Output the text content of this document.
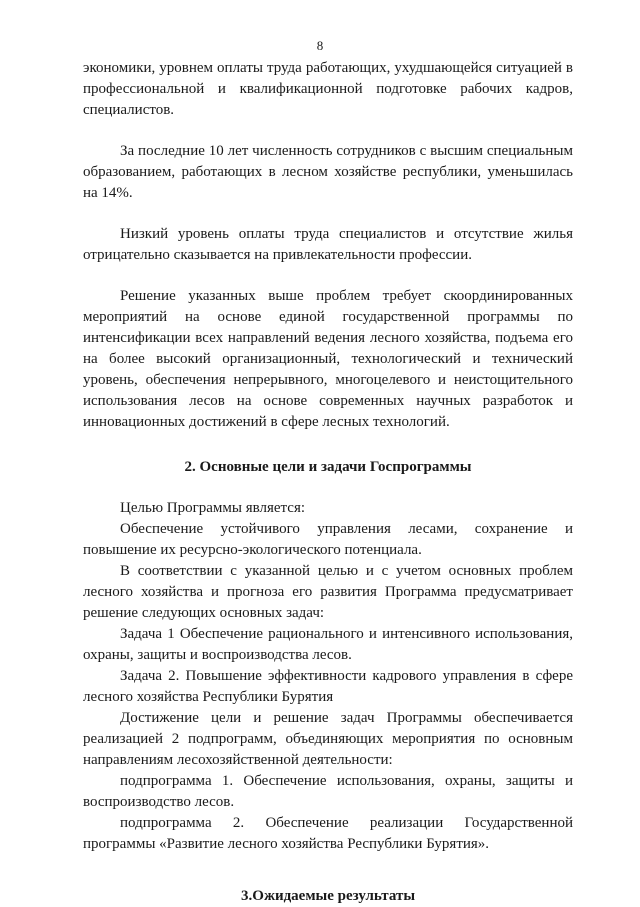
8

экономики, уровнем оплаты труда работающих, ухудшающейся ситуацией в профессиональной и квалификационной подготовке рабочих кадров, специалистов.

За последние 10 лет численность сотрудников с высшим специальным образованием, работающих в лесном хозяйстве республики, уменьшилась на 14%.

Низкий уровень оплаты труда специалистов и отсутствие жилья отрицательно сказывается на привлекательности профессии.

Решение указанных выше проблем требует скоординированных мероприятий на основе единой государственной программы по интенсификации всех направлений ведения лесного хозяйства, подъема его на более высокий организационный, технологический и технический уровень, обеспечения непрерывного, многоцелевого и неистощительного использования лесов на основе современных научных разработок и инновационных достижений в сфере лесных технологий.

2. Основные цели и задачи Госпрограммы

Целью Программы является:

Обеспечение устойчивого управления лесами, сохранение и повышение их ресурсно-экологического потенциала.

В соответствии с указанной целью и с учетом основных проблем лесного хозяйства и прогноза его развития Программа предусматривает решение следующих основных задач:

Задача 1 Обеспечение рационального и интенсивного использования, охраны, защиты и воспроизводства лесов.

Задача 2. Повышение эффективности кадрового управления в сфере лесного хозяйства Республики Бурятия

Достижение цели и решение задач Программы обеспечивается реализацией 2 подпрограмм, объединяющих мероприятия по основным направлениям лесохозяйственной деятельности:

подпрограмма 1. Обеспечение использования, охраны, защиты и воспроизводство лесов.

подпрограмма 2. Обеспечение реализации Государственной программы «Развитие лесного хозяйства Республики Бурятия».

3.Ожидаемые результаты
